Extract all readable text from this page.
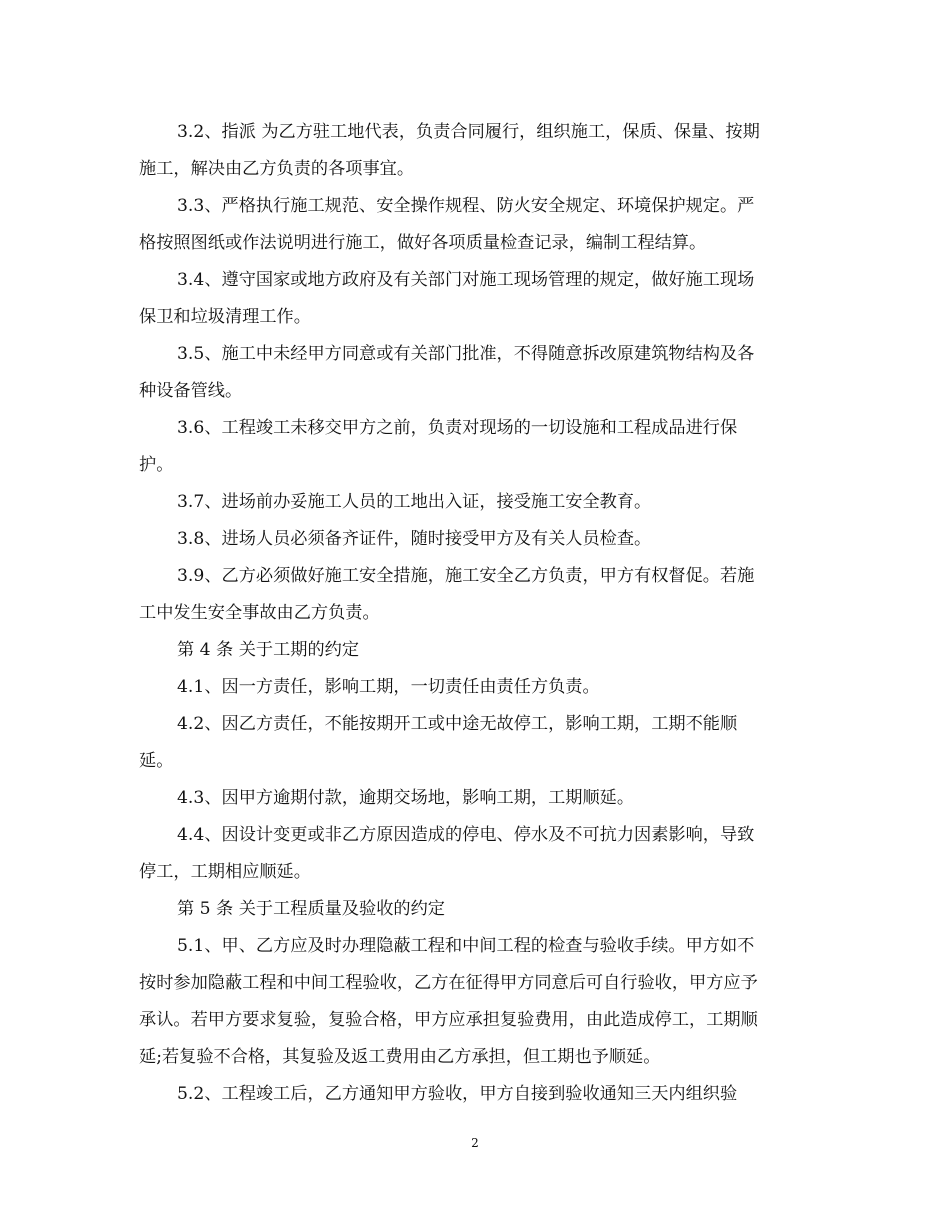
3.2、指派 为乙方驻工地代表，负责合同履行，组织施工，保质、保量、按期
施工，解决由乙方负责的各项事宜。
3.3、严格执行施工规范、安全操作规程、防火安全规定、环境保护规定。严
格按照图纸或作法说明进行施工，做好各项质量检查记录，编制工程结算。
3.4、遵守国家或地方政府及有关部门对施工现场管理的规定，做好施工现场
保卫和垃圾清理工作。
3.5、施工中未经甲方同意或有关部门批准，不得随意拆改原建筑物结构及各
种设备管线。
3.6、工程竣工未移交甲方之前，负责对现场的一切设施和工程成品进行保
护。
3.7、进场前办妥施工人员的工地出入证，接受施工安全教育。
3.8、进场人员必须备齐证件，随时接受甲方及有关人员检查。
3.9、乙方必须做好施工安全措施，施工安全乙方负责，甲方有权督促。若施
工中发生安全事故由乙方负责。
第 4 条 关于工期的约定
4.1、因一方责任，影响工期，一切责任由责任方负责。
4.2、因乙方责任，不能按期开工或中途无故停工，影响工期，工期不能顺
延。
4.3、因甲方逾期付款，逾期交场地，影响工期，工期顺延。
4.4、因设计变更或非乙方原因造成的停电、停水及不可抗力因素影响，导致
停工，工期相应顺延。
第 5 条 关于工程质量及验收的约定
5.1、甲、乙方应及时办理隐蔽工程和中间工程的检查与验收手续。甲方如不
按时参加隐蔽工程和中间工程验收，乙方在征得甲方同意后可自行验收，甲方应予
承认。若甲方要求复验，复验合格，甲方应承担复验费用，由此造成停工，工期顺
延;若复验不合格，其复验及返工费用由乙方承担，但工期也予顺延。
5.2、工程竣工后，乙方通知甲方验收，甲方自接到验收通知三天内组织验
2
